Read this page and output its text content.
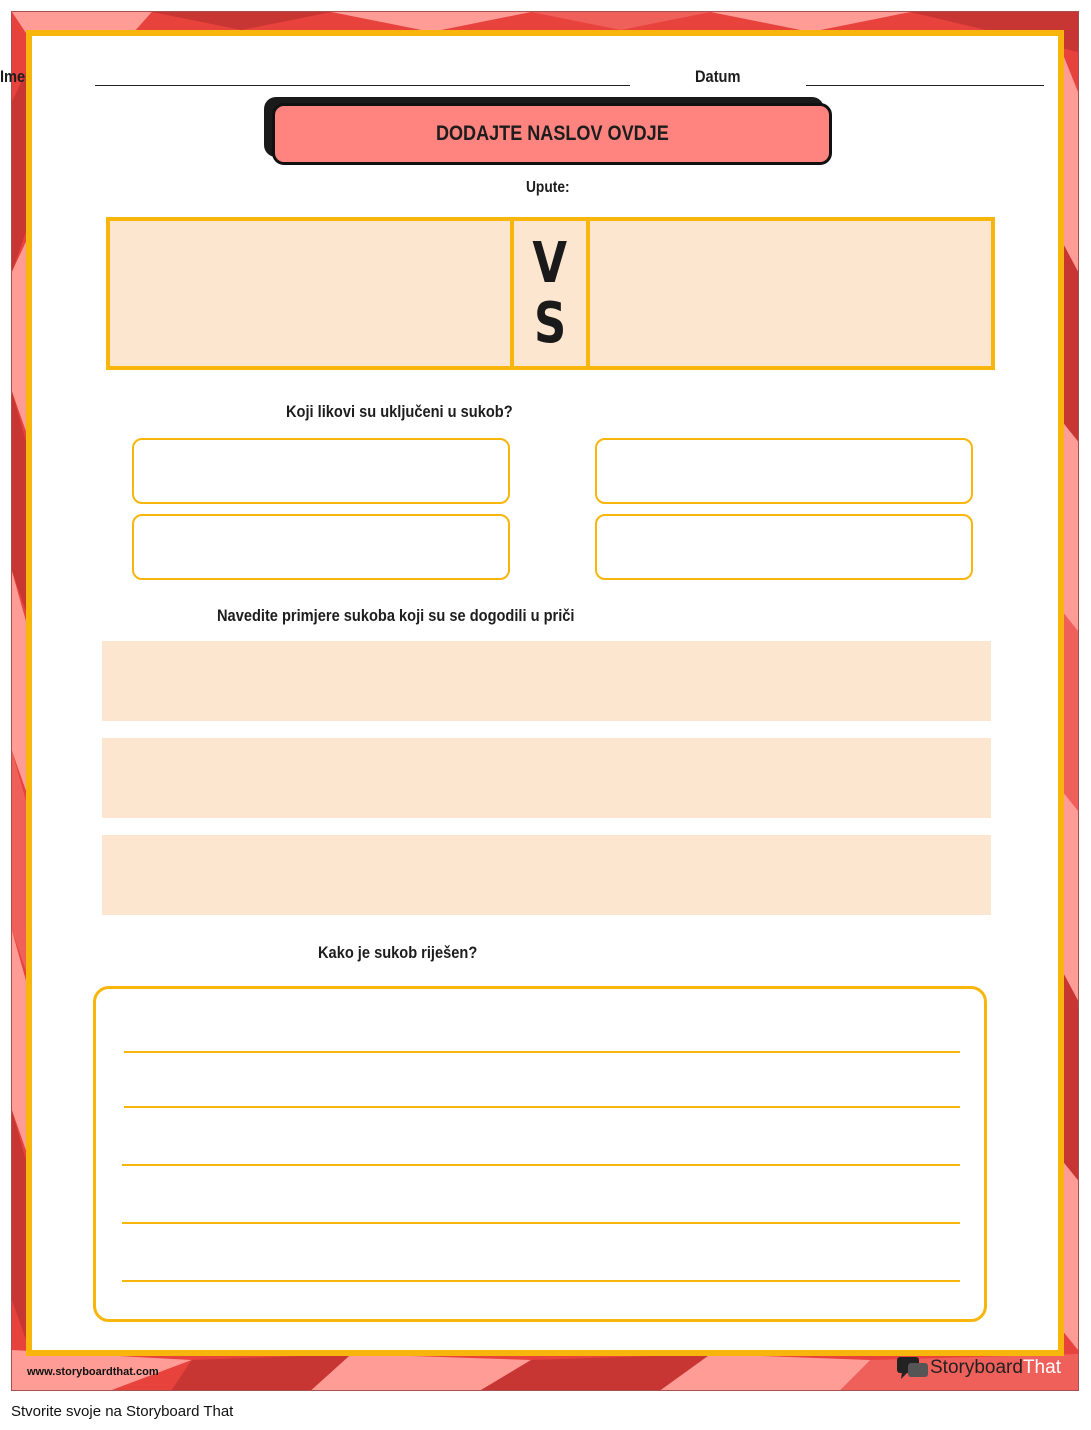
Ime	Datum
DODAJTE NASLOV OVDJE
Upute:
V
S
Koji likovi su uključeni u sukob?
Navedite primjere sukoba koji su se dogodili u priči
Kako je sukob riješen?
www.storyboardthat.com	Storyboard That
Stvorite svoje na Storyboard That
